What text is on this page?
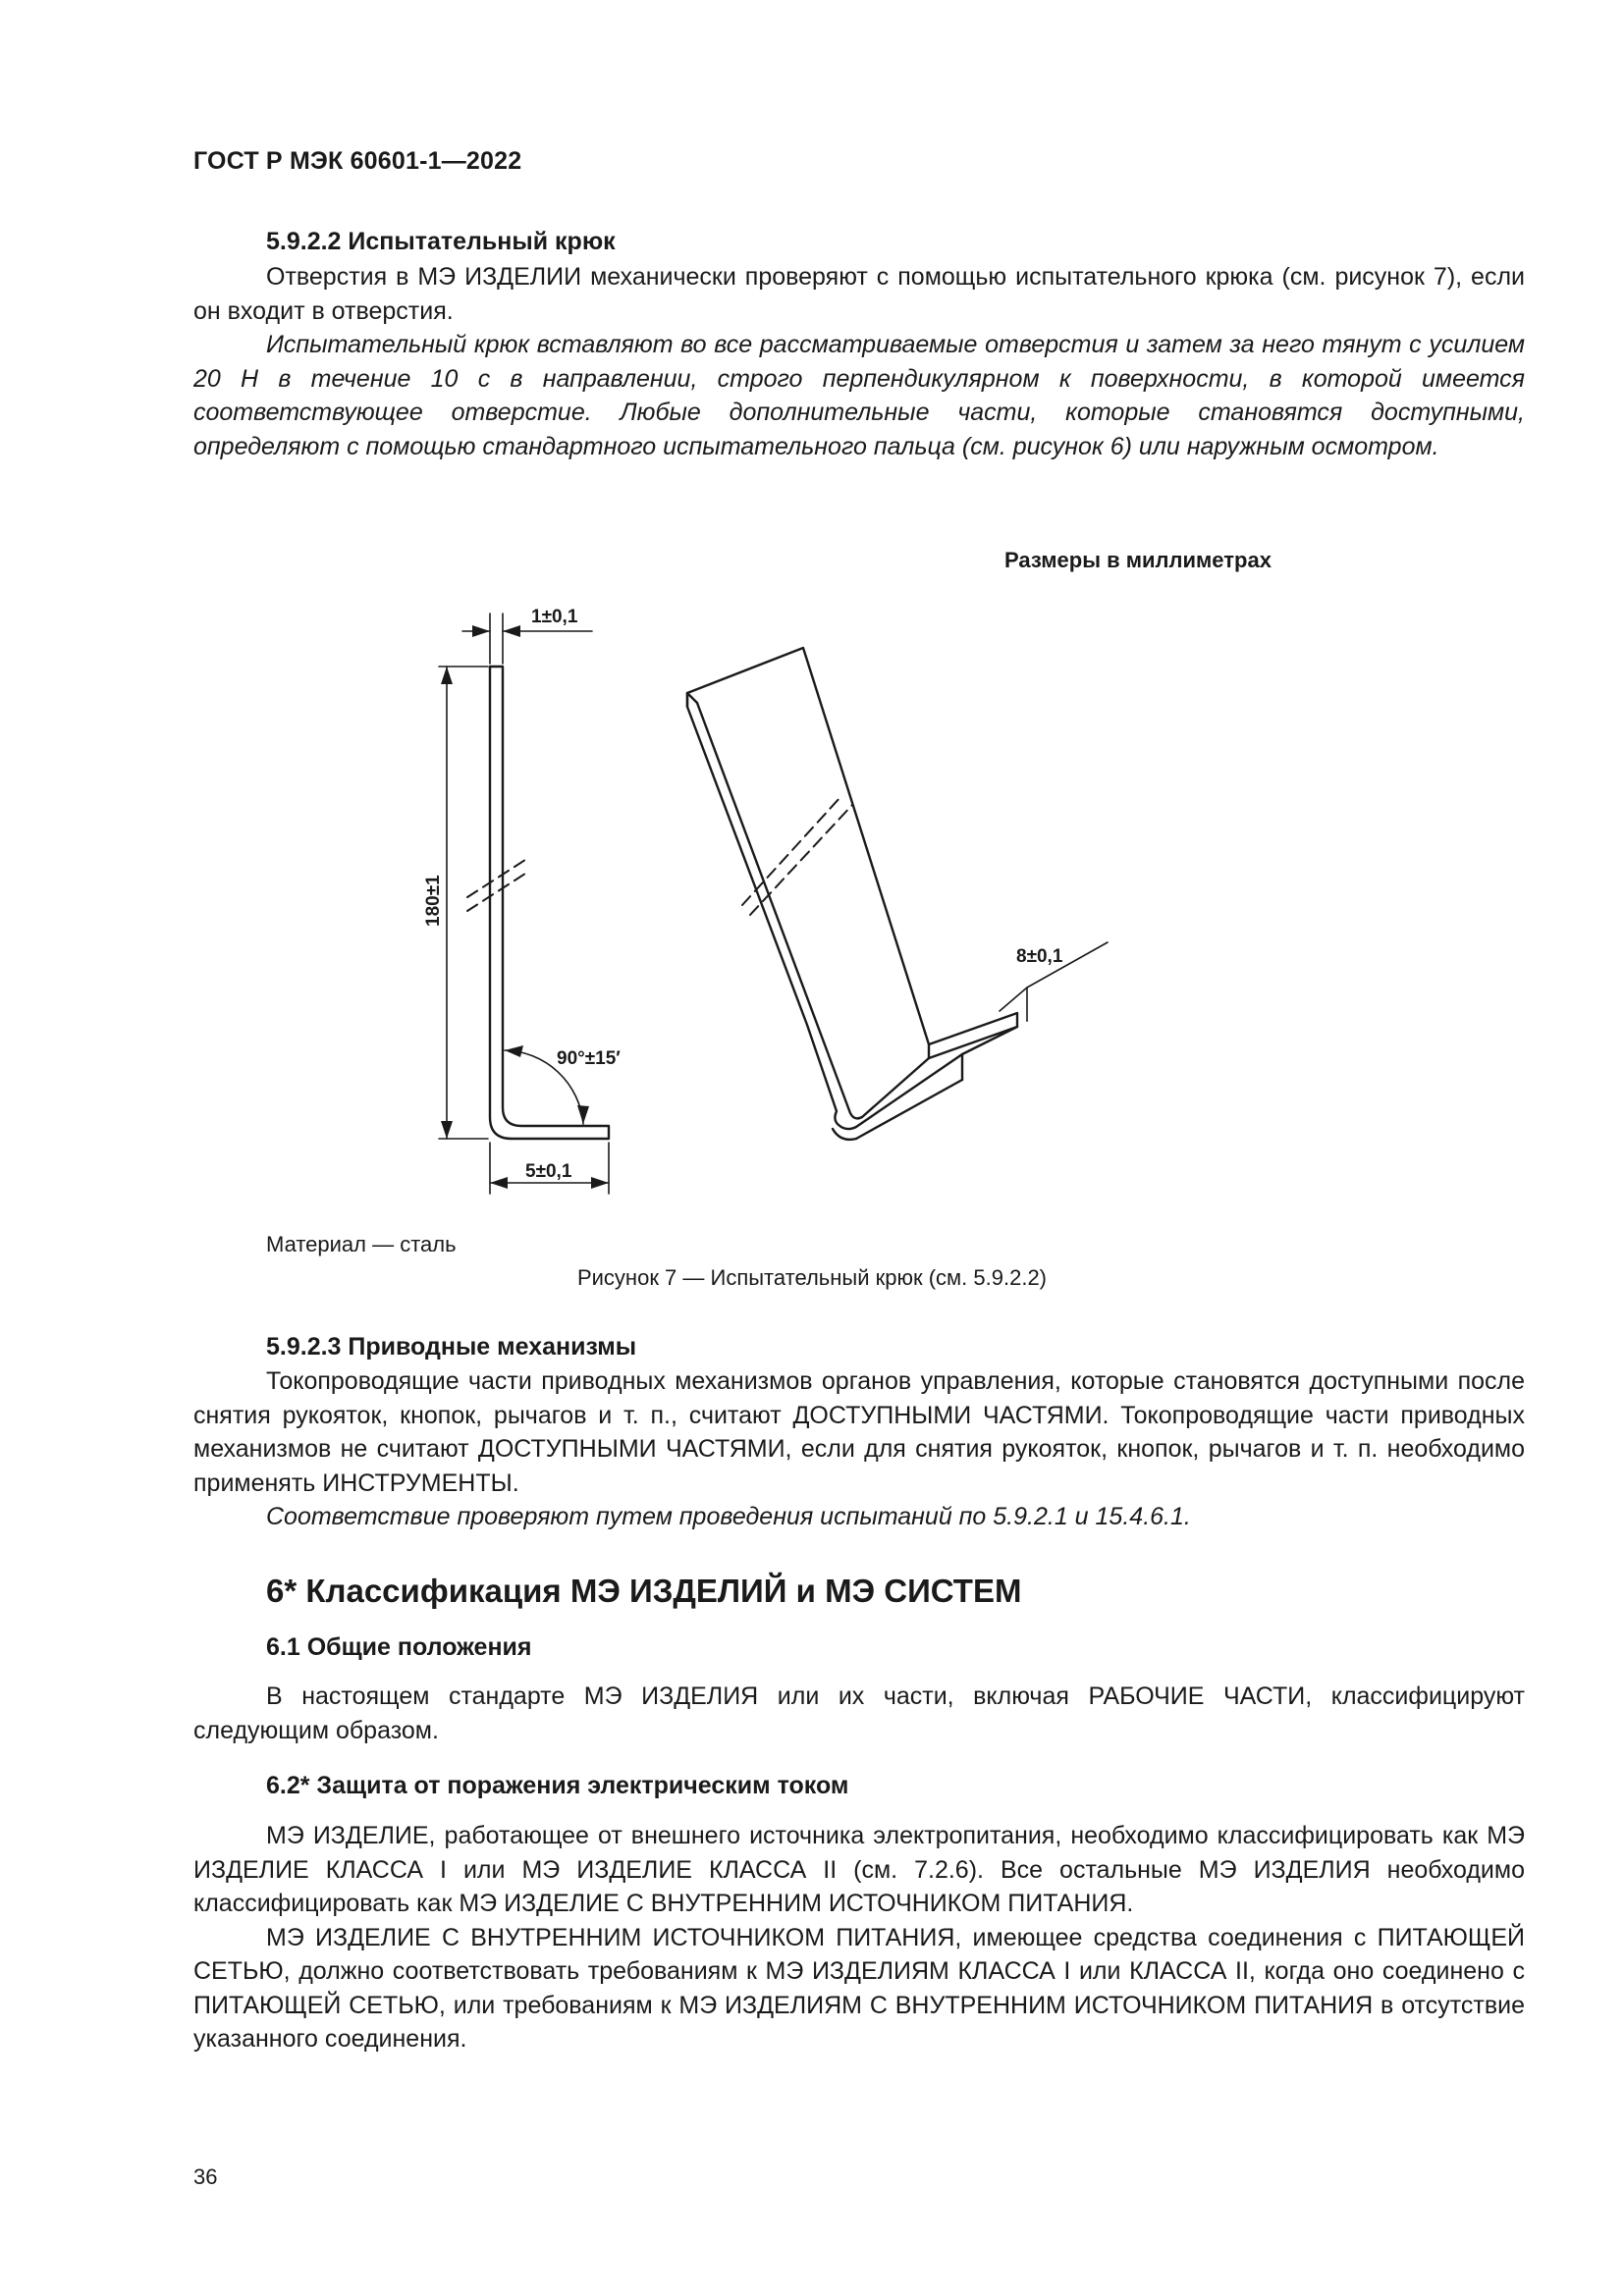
ГОСТ Р МЭК 60601-1—2022
5.9.2.2 Испытательный крюк

Отверстия в МЭ ИЗДЕЛИИ механически проверяют с помощью испытательного крюка (см. рисунок 7), если он входит в отверстия.

Испытательный крюк вставляют во все рассматриваемые отверстия и затем за него тянут с усилием 20 Н в течение 10 с в направлении, строго перпендикулярном к поверхности, в которой имеется соответствующее отверстие. Любые дополнительные части, которые становятся доступными, определяют с помощью стандартного испытательного пальца (см. рисунок 6) или наружным осмотром.

Размеры в миллиметрах
1±0,1
180±1
90°±15′
5±0,1
8±0,1
Материал — сталь
Рисунок 7 — Испытательный крюк (см. 5.9.2.2)
5.9.2.3 Приводные механизмы

Токопроводящие части приводных механизмов органов управления, которые становятся доступными после снятия рукояток, кнопок, рычагов и т. п., считают ДОСТУПНЫМИ ЧАСТЯМИ. Токопроводящие части приводных механизмов не считают ДОСТУПНЫМИ ЧАСТЯМИ, если для снятия рукояток, кнопок, рычагов и т. п. необходимо применять ИНСТРУМЕНТЫ.

Соответствие проверяют путем проведения испытаний по 5.9.2.1 и 15.4.6.1.

6* Классификация МЭ ИЗДЕЛИЙ и МЭ СИСТЕМ
6.1 Общие положения

В настоящем стандарте МЭ ИЗДЕЛИЯ или их части, включая РАБОЧИЕ ЧАСТИ, классифицируют следующим образом.

6.2* Защита от поражения электрическим током

МЭ ИЗДЕЛИЕ, работающее от внешнего источника электропитания, необходимо классифицировать как МЭ ИЗДЕЛИЕ КЛАССА I или МЭ ИЗДЕЛИЕ КЛАССА II (см. 7.2.6). Все остальные МЭ ИЗДЕЛИЯ необходимо классифицировать как МЭ ИЗДЕЛИЕ С ВНУТРЕННИМ ИСТОЧНИКОМ ПИТАНИЯ.

МЭ ИЗДЕЛИЕ С ВНУТРЕННИМ ИСТОЧНИКОМ ПИТАНИЯ, имеющее средства соединения с ПИТАЮЩЕЙ СЕТЬЮ, должно соответствовать требованиям к МЭ ИЗДЕЛИЯМ КЛАССА I или КЛАССА II, когда оно соединено с ПИТАЮЩЕЙ СЕТЬЮ, или требованиям к МЭ ИЗДЕЛИЯМ С ВНУТРЕННИМ ИСТОЧНИКОМ ПИТАНИЯ в отсутствие указанного соединения.

36
